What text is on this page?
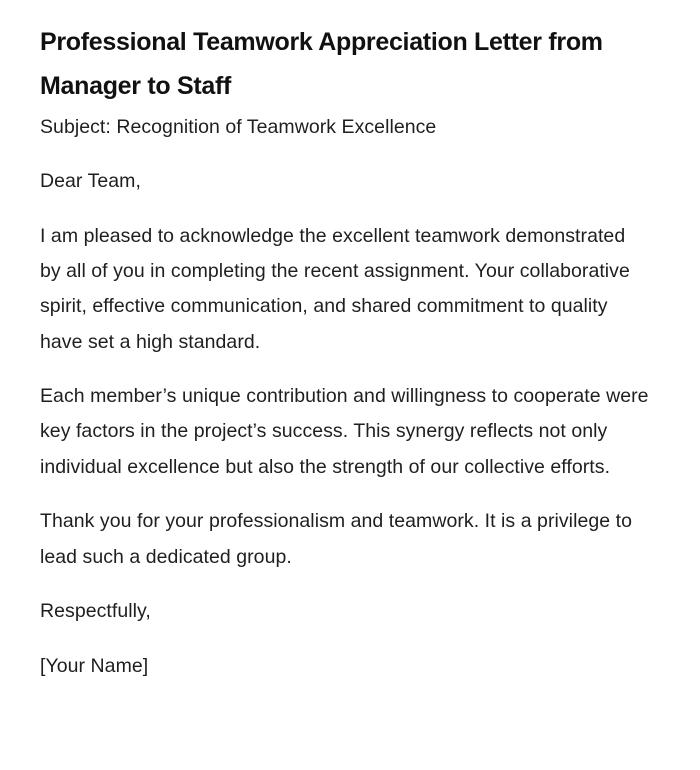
Professional Teamwork Appreciation Letter from Manager to Staff

Subject: Recognition of Teamwork Excellence

Dear Team,

I am pleased to acknowledge the excellent teamwork demonstrated by all of you in completing the recent assignment. Your collaborative spirit, effective communication, and shared commitment to quality have set a high standard.

Each member’s unique contribution and willingness to cooperate were key factors in the project’s success. This synergy reflects not only individual excellence but also the strength of our collective efforts.

Thank you for your professionalism and teamwork. It is a privilege to lead such a dedicated group.

Respectfully,

[Your Name]
